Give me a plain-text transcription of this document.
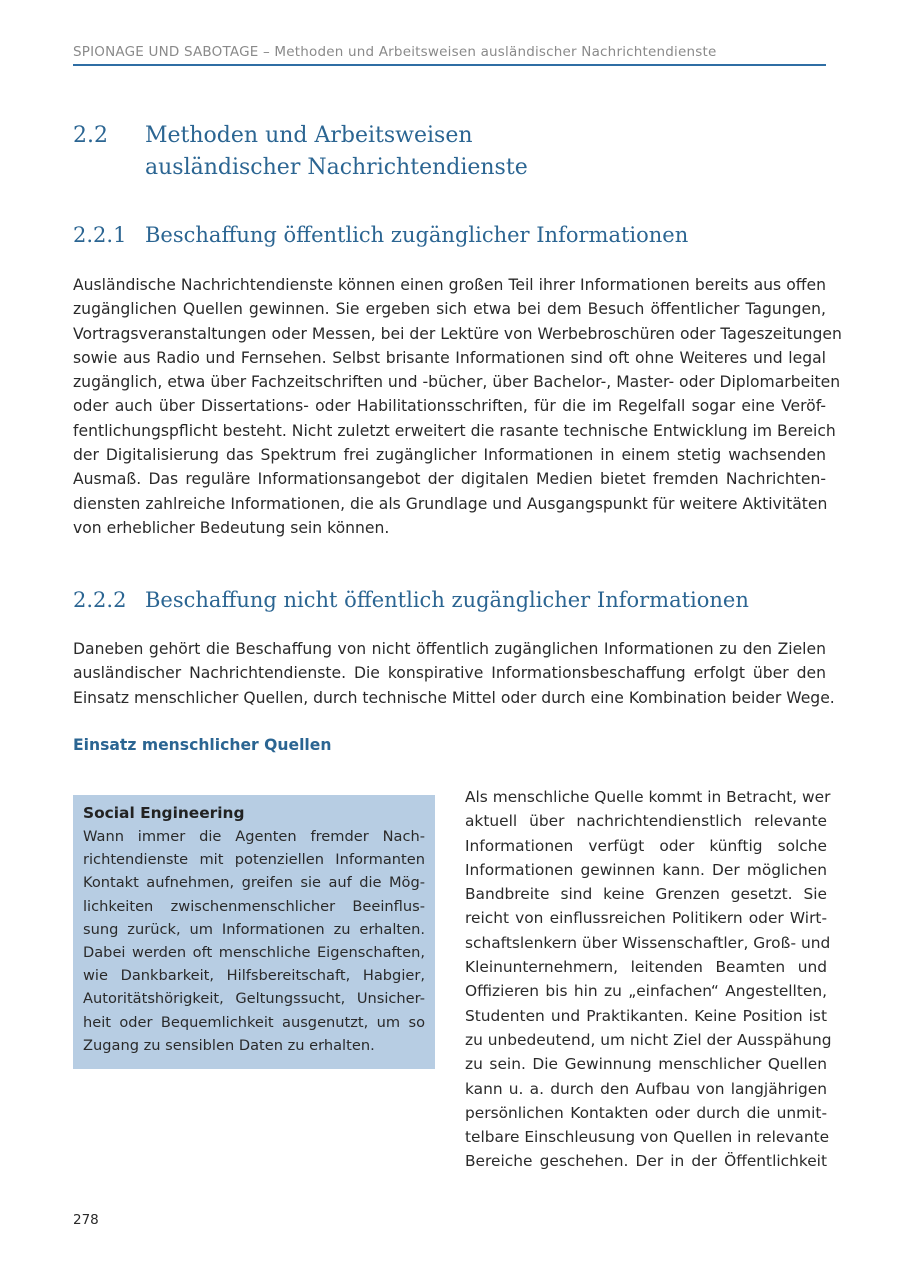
SPIONAGE UND SABOTAGE – Methoden und Arbeitsweisen ausländischer Nachrichtendienste
2.2 Methoden und Arbeitsweisen
ausländischer Nachrichtendienste
2.2.1 Beschaffung öffentlich zugänglicher Informationen
Ausländische Nachrichtendienste können einen großen Teil ihrer Informationen bereits aus offen
zugänglichen Quellen gewinnen. Sie ergeben sich etwa bei dem Besuch öffentlicher Tagungen,
Vortragsveranstaltungen oder Messen, bei der Lektüre von Werbebroschüren oder Tageszeitungen
sowie aus Radio und Fernsehen. Selbst brisante Informationen sind oft ohne Weiteres und legal
zugänglich, etwa über Fachzeitschriften und -bücher, über Bachelor-, Master- oder Diplomarbeiten
oder auch über Dissertations- oder Habilitationsschriften, für die im Regelfall sogar eine Veröf-
fentlichungspflicht besteht. Nicht zuletzt erweitert die rasante technische Entwicklung im Bereich
der Digitalisierung das Spektrum frei zugänglicher Informationen in einem stetig wachsenden
Ausmaß. Das reguläre Informationsangebot der digitalen Medien bietet fremden Nachrichten-
diensten zahlreiche Informationen, die als Grundlage und Ausgangspunkt für weitere Aktivitäten
von erheblicher Bedeutung sein können.
2.2.2 Beschaffung nicht öffentlich zugänglicher Informationen
Daneben gehört die Beschaffung von nicht öffentlich zugänglichen Informationen zu den Zielen
ausländischer Nachrichtendienste. Die konspirative Informationsbeschaffung erfolgt über den
Einsatz menschlicher Quellen, durch technische Mittel oder durch eine Kombination beider Wege.
Einsatz menschlicher Quellen
Social Engineering
Wann immer die Agenten fremder Nach-
richtendienste mit potenziellen Informanten
Kontakt aufnehmen, greifen sie auf die Mög-
lichkeiten zwischenmenschlicher Beeinflus-
sung zurück, um Informationen zu erhalten.
Dabei werden oft menschliche Eigenschaften,
wie Dankbarkeit, Hilfsbereitschaft, Habgier,
Autoritätshörigkeit, Geltungssucht, Unsicher-
heit oder Bequemlichkeit ausgenutzt, um so
Zugang zu sensiblen Daten zu erhalten.
Als menschliche Quelle kommt in Betracht, wer
aktuell über nachrichtendienstlich relevante
Informationen verfügt oder künftig solche
Informationen gewinnen kann. Der möglichen
Bandbreite sind keine Grenzen gesetzt. Sie
reicht von einflussreichen Politikern oder Wirt-
schaftslenkern über Wissenschaftler, Groß- und
Kleinunternehmern, leitenden Beamten und
Offizieren bis hin zu „einfachen“ Angestellten,
Studenten und Praktikanten. Keine Position ist
zu unbedeutend, um nicht Ziel der Ausspähung
zu sein. Die Gewinnung menschlicher Quellen
kann u. a. durch den Aufbau von langjährigen
persönlichen Kontakten oder durch die unmit-
telbare Einschleusung von Quellen in relevante
Bereiche geschehen. Der in der Öffentlichkeit
278
